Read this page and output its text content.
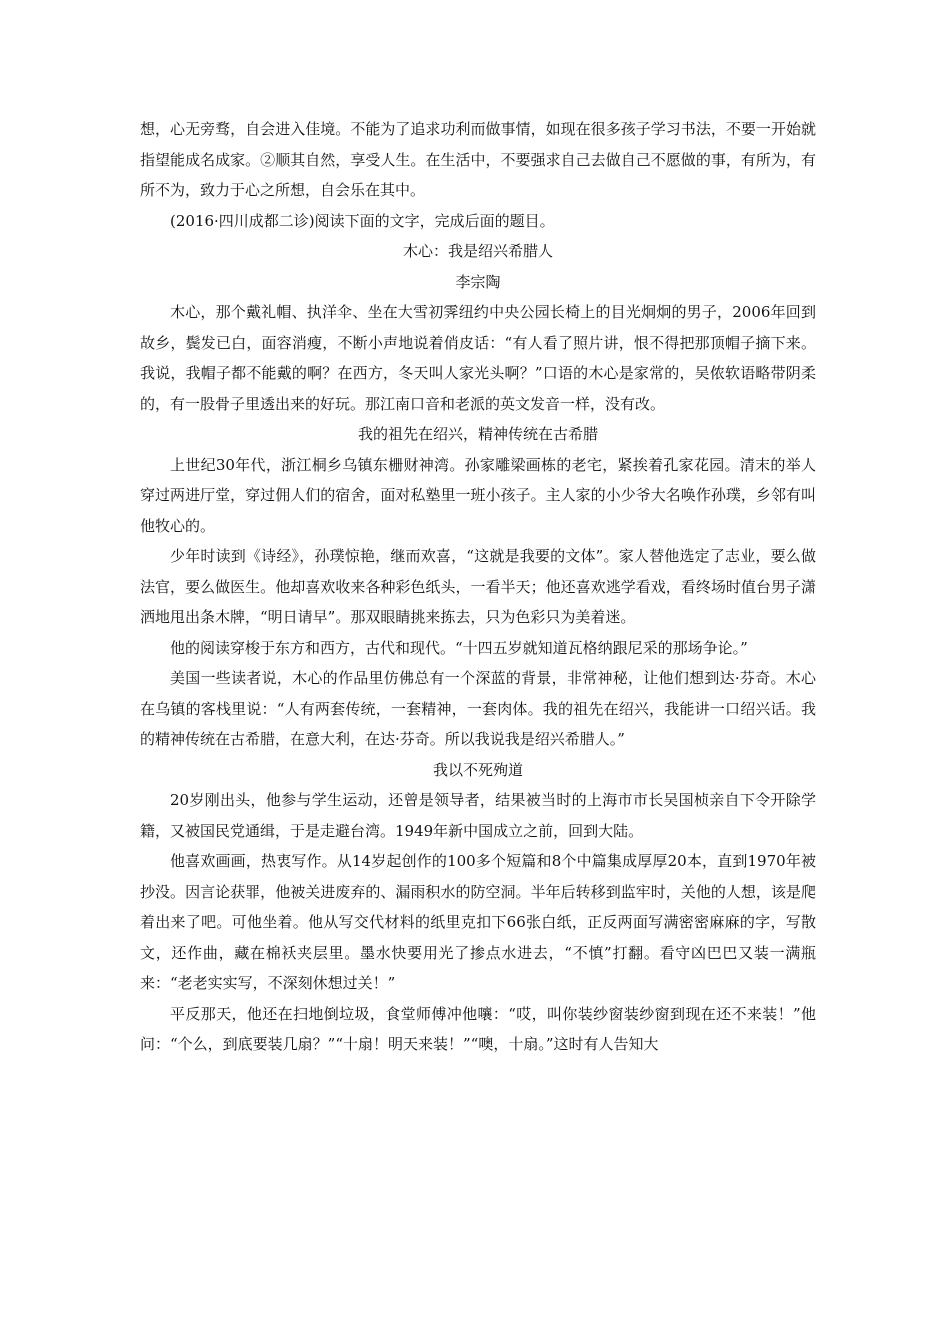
想，心无旁骛，自会进入佳境。不能为了追求功利而做事情，如现在很多孩子学习书法，不要一开始就指望能成名成家。②顺其自然，享受人生。在生活中，不要强求自己去做自己不愿做的事，有所为，有所不为，致力于心之所想，自会乐在其中。

(2016·四川成都二诊)阅读下面的文字，完成后面的题目。

木心：我是绍兴希腊人

李宗陶

木心，那个戴礼帽、执洋伞、坐在大雪初霁纽约中央公园长椅上的目光炯炯的男子，2006年回到故乡，鬓发已白，面容消瘦，不断小声地说着俏皮话：“有人看了照片讲，恨不得把那顶帽子摘下来。我说，我帽子都不能戴的啊？在西方，冬天叫人家光头啊？”口语的木心是家常的，吴侬软语略带阴柔的，有一股骨子里透出来的好玩。那江南口音和老派的英文发音一样，没有改。

我的祖先在绍兴，精神传统在古希腊

上世纪30年代，浙江桐乡乌镇东栅财神湾。孙家雕梁画栋的老宅，紧挨着孔家花园。清末的举人穿过两进厅堂，穿过佣人们的宿舍，面对私塾里一班小孩子。主人家的小少爷大名唤作孙璞，乡邻有叫他牧心的。

少年时读到《诗经》，孙璞惊艳，继而欢喜，“这就是我要的文体”。家人替他选定了志业，要么做法官，要么做医生。他却喜欢收来各种彩色纸头，一看半天；他还喜欢逃学看戏，看终场时值台男子潇洒地甩出条木牌，“明日请早”。那双眼睛挑来拣去，只为色彩只为美着迷。

他的阅读穿梭于东方和西方，古代和现代。“十四五岁就知道瓦格纳跟尼采的那场争论。”

美国一些读者说，木心的作品里仿佛总有一个深蓝的背景，非常神秘，让他们想到达·芬奇。木心在乌镇的客栈里说：“人有两套传统，一套精神，一套肉体。我的祖先在绍兴，我能讲一口绍兴话。我的精神传统在古希腊，在意大利，在达·芬奇。所以我说我是绍兴希腊人。”

我以不死殉道

20岁刚出头，他参与学生运动，还曾是领导者，结果被当时的上海市市长吴国桢亲自下令开除学籍，又被国民党通缉，于是走避台湾。1949年新中国成立之前，回到大陆。

他喜欢画画，热衷写作。从14岁起创作的100多个短篇和8个中篇集成厚厚20本，直到1970年被抄没。因言论获罪，他被关进废弃的、漏雨积水的防空洞。半年后转移到监牢时，关他的人想，该是爬着出来了吧。可他坐着。他从写交代材料的纸里克扣下66张白纸，正反两面写满密密麻麻的字，写散文，还作曲，藏在棉袄夹层里。墨水快要用光了掺点水进去，“不慎”打翻。看守凶巴巴又装一满瓶来：“老老实实写，不深刻休想过关！”

平反那天，他还在扫地倒垃圾，食堂师傅冲他嚷：“哎，叫你装纱窗装纱窗到现在还不来装！”他问：“个么，到底要装几扇？”“十扇！明天来装！”“噢，十扇。”这时有人告知大
